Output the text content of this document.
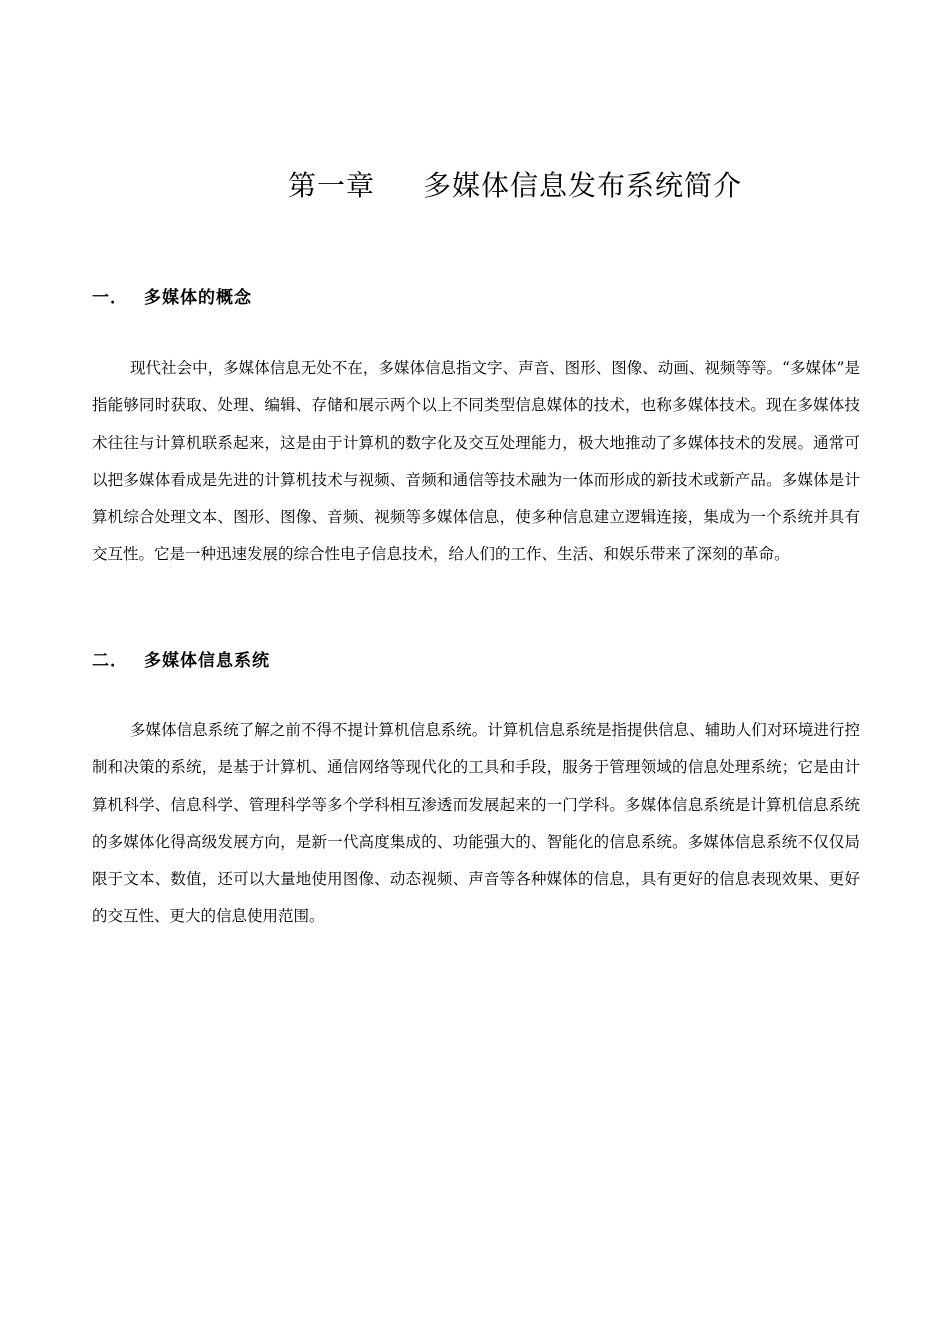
第一章 多媒体信息发布系统简介
一． 多媒体的概念

现代社会中，多媒体信息无处不在，多媒体信息指文字、声音、图形、图像、动画、视频等等。“多媒体”是指能够同时获取、处理、编辑、存储和展示两个以上不同类型信息媒体的技术，也称多媒体技术。现在多媒体技术往往与计算机联系起来，这是由于计算机的数字化及交互处理能力，极大地推动了多媒体技术的发展。通常可以把多媒体看成是先进的计算机技术与视频、音频和通信等技术融为一体而形成的新技术或新产品。多媒体是计算机综合处理文本、图形、图像、音频、视频等多媒体信息，使多种信息建立逻辑连接，集成为一个系统并具有交互性。它是一种迅速发展的综合性电子信息技术，给人们的工作、生活、和娱乐带来了深刻的革命。

二． 多媒体信息系统

多媒体信息系统了解之前不得不提计算机信息系统。计算机信息系统是指提供信息、辅助人们对环境进行控制和决策的系统，是基于计算机、通信网络等现代化的工具和手段，服务于管理领域的信息处理系统；它是由计算机科学、信息科学、管理科学等多个学科相互渗透而发展起来的一门学科。多媒体信息系统是计算机信息系统的多媒体化得高级发展方向，是新一代高度集成的、功能强大的、智能化的信息系统。多媒体信息系统不仅仅局限于文本、数值，还可以大量地使用图像、动态视频、声音等各种媒体的信息，具有更好的信息表现效果、更好的交互性、更大的信息使用范围。
